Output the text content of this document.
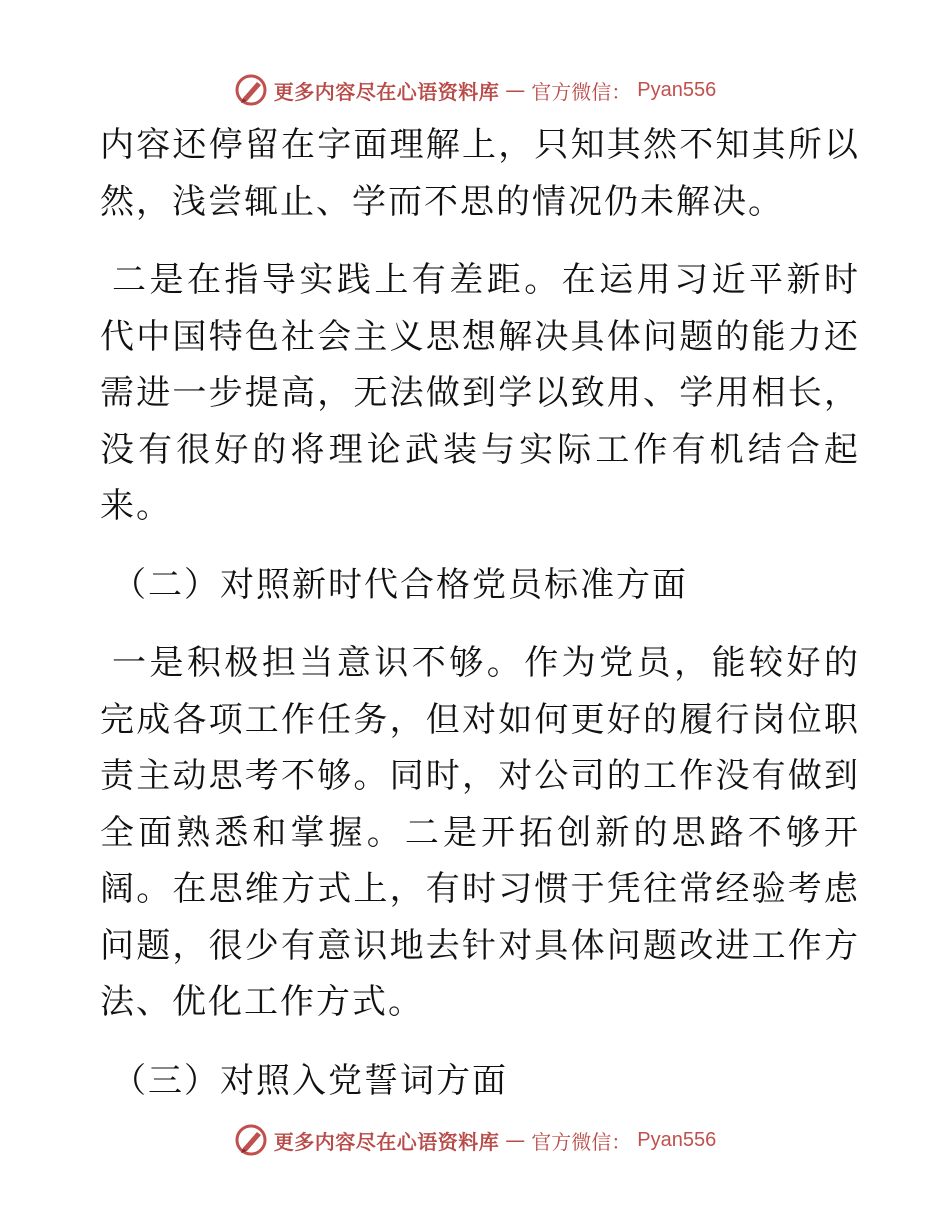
更多内容尽在心语资料库 — 官方微信： Pyan556

内容还停留在字面理解上，只知其然不知其所以然，浅尝辄止、学而不思的情况仍未解决。

二是在指导实践上有差距。在运用习近平新时代中国特色社会主义思想解决具体问题的能力还需进一步提高，无法做到学以致用、学用相长，没有很好的将理论武装与实际工作有机结合起来。

（二）对照新时代合格党员标准方面

一是积极担当意识不够。作为党员，能较好的完成各项工作任务，但对如何更好的履行岗位职责主动思考不够。同时，对公司的工作没有做到全面熟悉和掌握。二是开拓创新的思路不够开阔。在思维方式上，有时习惯于凭往常经验考虑问题，很少有意识地去针对具体问题改进工作方法、优化工作方式。

（三）对照入党誓词方面

更多内容尽在心语资料库 — 官方微信： Pyan556
